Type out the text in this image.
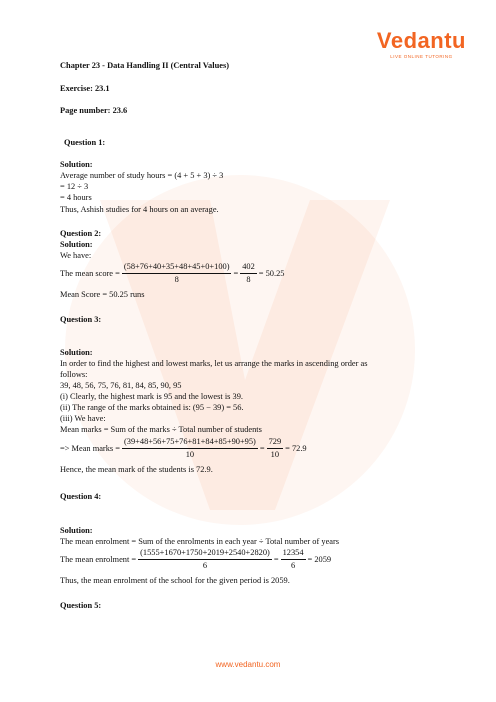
Vedantu
LIVE ONLINE TUTORING
Chapter 23 - Data Handling II (Central Values)
Exercise: 23.1
Page number: 23.6
Question 1:
Solution:
Average number of study hours = (4 + 5 + 3) ÷ 3
= 12 ÷ 3
= 4 hours
Thus, Ashish studies for 4 hours on an average.
Question 2:
Solution:
We have:
The mean score = $\frac{(58+76+40+35+48+45+0+100)}{8} = \frac{402}{8} = 50.25$
Mean Score = 50.25 runs
Question 3:
Solution:
In order to find the highest and lowest marks, let us arrange the marks in ascending order as
follows:
39, 48, 56, 75, 76, 81, 84, 85, 90, 95
(i) Clearly, the highest mark is 95 and the lowest is 39.
(ii) The range of the marks obtained is: (95 − 39) = 56.
(iii) We have:
Mean marks = Sum of the marks ÷ Total number of students
=> Mean marks = $\frac{(39+48+56+75+76+81+84+85+90+95)}{10} = \frac{729}{10} = 72.9$
Hence, the mean mark of the students is 72.9.
Question 4:
Solution:
The mean enrolment = Sum of the enrolments in each year ÷ Total number of years
The mean enrolment = $\frac{(1555+1670+1750+2019+2540+2820)}{6} = \frac{12354}{6} = 2059$
Thus, the mean enrolment of the school for the given period is 2059.
Question 5:
www.vedantu.com
